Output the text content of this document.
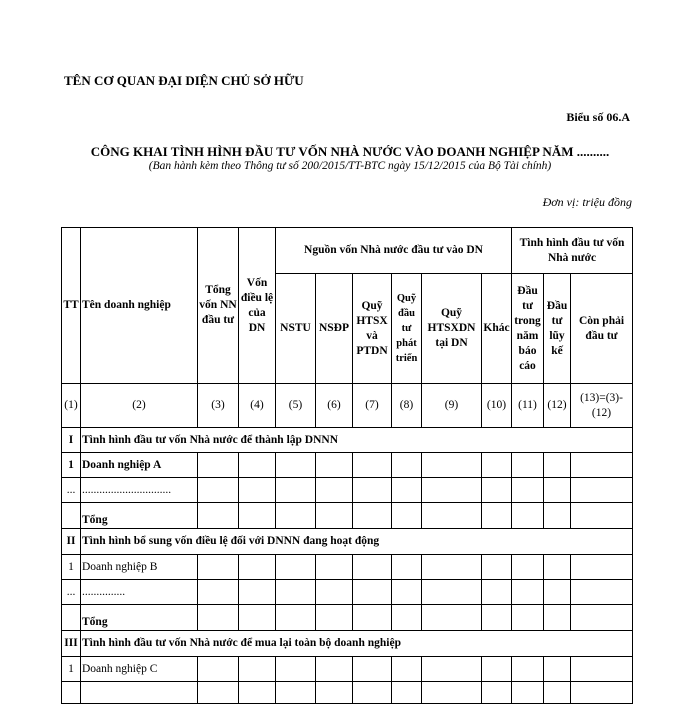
TÊN CƠ QUAN ĐẠI DIỆN CHỦ SỞ HỮU
Biểu số 06.A
CÔNG KHAI TÌNH HÌNH ĐẦU TƯ VỐN NHÀ NƯỚC VÀO DOANH NGHIỆP NĂM ..........
(Ban hành kèm theo Thông tư số 200/2015/TT-BTC ngày 15/12/2015 của Bộ Tài chính)
Đơn vị: triệu đồng
TT	Tên doanh nghiệp	Tổng vốn NN đầu tư	Vốn điều lệ của DN	Nguồn vốn Nhà nước đầu tư vào DN						Tình hình đầu tư vốn Nhà nước		
				NSTU	NSĐP	Quỹ HTSX và PTDN	Quỹ đầu tư phát triển	Quỹ HTSXDN tại DN	Khác	Đầu tư trong năm báo cáo	Đầu tư lũy kế	Còn phải đầu tư
(1)	(2)	(3)	(4)	(5)	(6)	(7)	(8)	(9)	(10)	(11)	(12)	(13)=(3)-(12)
I	Tình hình đầu tư vốn Nhà nước để thành lập DNNN											
1	Doanh nghiệp A											
...	...............................											
	Tổng											
II	Tình hình bổ sung vốn điều lệ đối với DNNN đang hoạt động											
1	Doanh nghiệp B											
...	...............											
	Tổng											
III	Tình hình đầu tư vốn Nhà nước để mua lại toàn bộ doanh nghiệp											
1	Doanh nghiệp C											
